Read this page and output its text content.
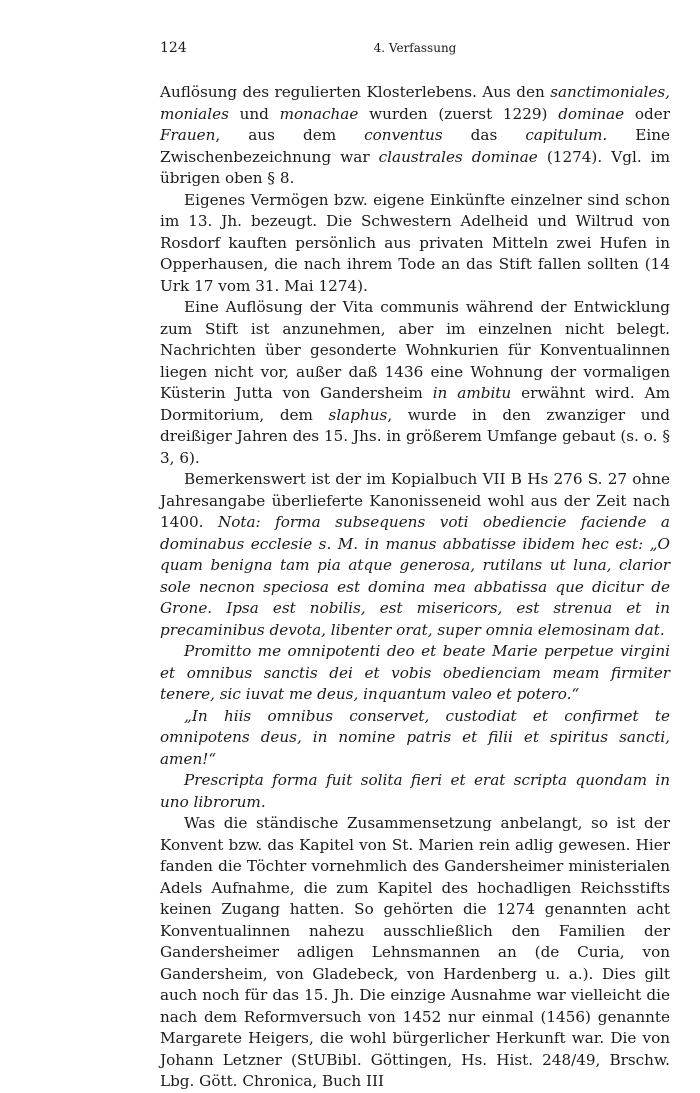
124	4. Verfassung

Auflösung des regulierten Klosterlebens. Aus den sanctimoniales, moniales und monachae wurden (zuerst 1229) dominae oder Frauen, aus dem conventus das capitulum. Eine Zwischenbezeichnung war claustrales dominae (1274). Vgl. im übrigen oben § 8.

Eigenes Vermögen bzw. eigene Einkünfte einzelner sind schon im 13. Jh. bezeugt. Die Schwestern Adelheid und Wiltrud von Rosdorf kauften persönlich aus privaten Mitteln zwei Hufen in Opperhausen, die nach ihrem Tode an das Stift fallen sollten (14 Urk 17 vom 31. Mai 1274).

Eine Auflösung der Vita communis während der Entwicklung zum Stift ist anzunehmen, aber im einzelnen nicht belegt. Nachrichten über gesonderte Wohnkurien für Konventualinnen liegen nicht vor, außer daß 1436 eine Wohnung der vormaligen Küsterin Jutta von Gandersheim in ambitu erwähnt wird. Am Dormitorium, dem slaphus, wurde in den zwanziger und dreißiger Jahren des 15. Jhs. in größerem Umfange gebaut (s. o. § 3, 6).

Bemerkenswert ist der im Kopialbuch VII B Hs 276 S. 27 ohne Jahresangabe überlieferte Kanonisseneid wohl aus der Zeit nach 1400. Nota: forma subsequens voti obediencie faciende a dominabus ecclesie s. M. in manus abbatisse ibidem hec est: „O quam benigna tam pia atque generosa, rutilans ut luna, clarior sole necnon speciosa est domina mea abbatissa que dicitur de Grone. Ipsa est nobilis, est misericors, est strenua et in precaminibus devota, libenter orat, super omnia elemosinam dat.

Promitto me omnipotenti deo et beate Marie perpetue virgini et omnibus sanctis dei et vobis obedienciam meam firmiter tenere, sic iuvat me deus, inquantum valeo et potero.“

„In hiis omnibus conservet, custodiat et confirmet te omnipotens deus, in nomine patris et filii et spiritus sancti, amen!“

Prescripta forma fuit solita fieri et erat scripta quondam in uno librorum.

Was die ständische Zusammensetzung anbelangt, so ist der Konvent bzw. das Kapitel von St. Marien rein adlig gewesen. Hier fanden die Töchter vornehmlich des Gandersheimer ministerialen Adels Aufnahme, die zum Kapitel des hochadligen Reichsstifts keinen Zugang hatten. So gehörten die 1274 genannten acht Konventualinnen nahezu ausschließlich den Familien der Gandersheimer adligen Lehnsmannen an (de Curia, von Gandersheim, von Gladebeck, von Hardenberg u. a.). Dies gilt auch noch für das 15. Jh. Die einzige Ausnahme war vielleicht die nach dem Reformversuch von 1452 nur einmal (1456) genannte Margarete Heigers, die wohl bürgerlicher Herkunft war. Die von Johann Letzner (StUBibl. Göttingen, Hs. Hist. 248/49, Brschw. Lbg. Gött. Chronica, Buch III
